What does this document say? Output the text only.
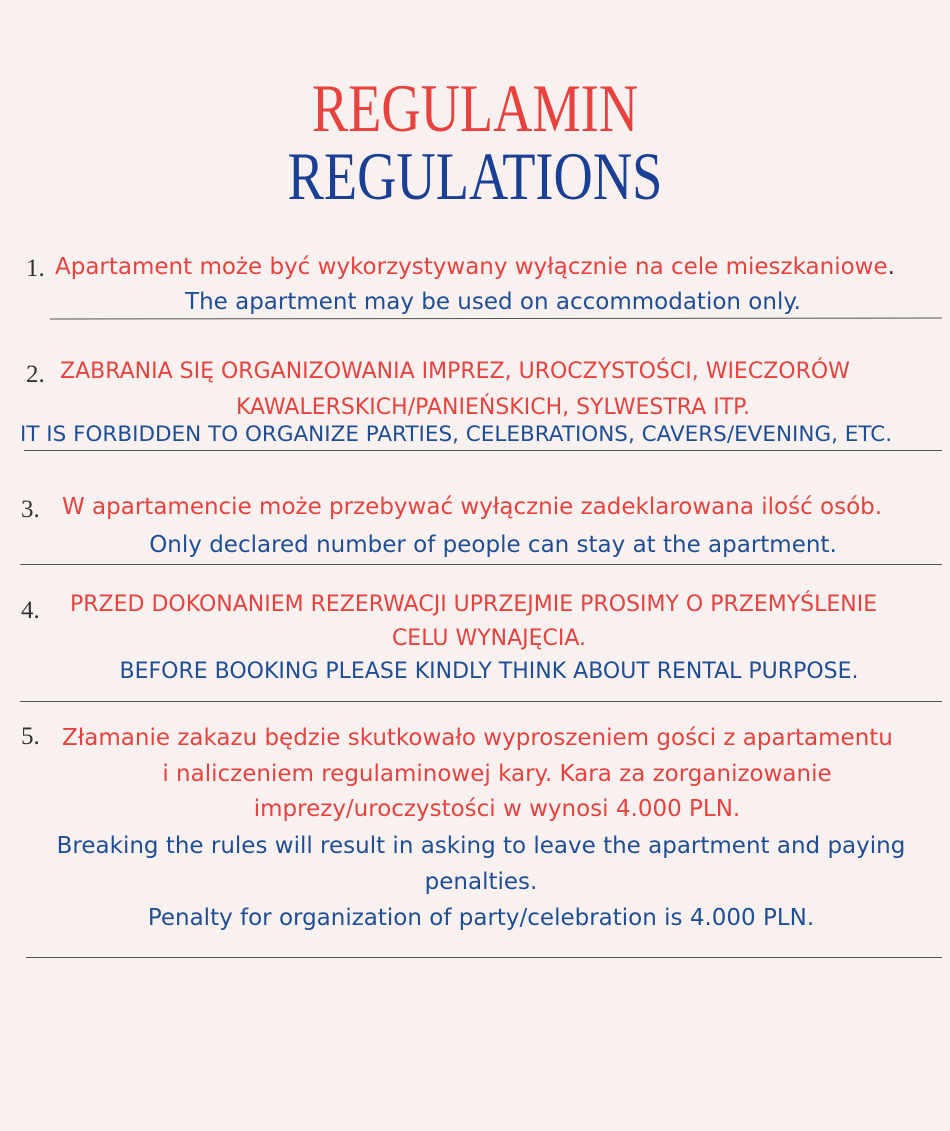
REGULAMIN
REGULATIONS
1. Apartament może być wykorzystywany wyłącznie na cele mieszkaniowe.
The apartment may be used on accommodation only.
2. ZABRANIA SIĘ ORGANIZOWANIA IMPREZ, UROCZYSTOŚCI, WIECZORÓW
KAWALERSKICH/PANIEŃSKICH, SYLWESTRA ITP.
IT IS FORBIDDEN TO ORGANIZE PARTIES, CELEBRATIONS, CAVERS/EVENING, ETC.
3. W apartamencie może przebywać wyłącznie zadeklarowana ilość osób.
Only declared number of people can stay at the apartment.
4. PRZED DOKONANIEM REZERWACJI UPRZEJMIE PROSIMY O PRZEMYŚLENIE
CELU WYNAJĘCIA.
BEFORE BOOKING PLEASE KINDLY THINK ABOUT RENTAL PURPOSE.
5. Złamanie zakazu będzie skutkowało wyproszeniem gości z apartamentu
i naliczeniem regulaminowej kary. Kara za zorganizowanie
imprezy/uroczystości w wynosi 4.000 PLN.
Breaking the rules will result in asking to leave the apartment and paying
penalties.
Penalty for organization of party/celebration is 4.000 PLN.
